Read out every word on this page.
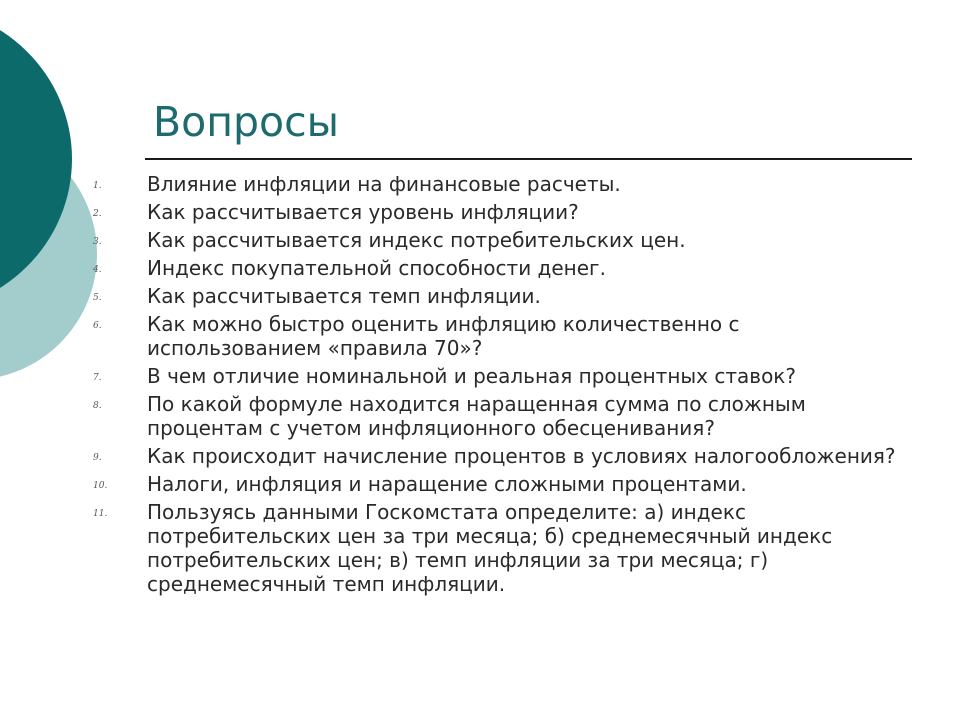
Вопросы
1. Влияние инфляции на финансовые расчеты.
2. Как рассчитывается уровень инфляции?
3. Как рассчитывается индекс потребительских цен.
4. Индекс покупательной способности денег.
5. Как рассчитывается темп инфляции.
6. Как можно быстро оценить инфляцию количественно с использованием «правила 70»?
7. В чем отличие номинальной и реальная процентных ставок?
8. По какой формуле находится наращенная сумма по сложным процентам с учетом инфляционного обесценивания?
9. Как происходит начисление процентов в условиях налогообложения?
10. Налоги, инфляция и наращение сложными процентами.
11. Пользуясь данными Госкомстата определите: а) индекс потребительских цен за три месяца; б) среднемесячный индекс потребительских цен; в) темп инфляции за три месяца; г) среднемесячный темп инфляции.
